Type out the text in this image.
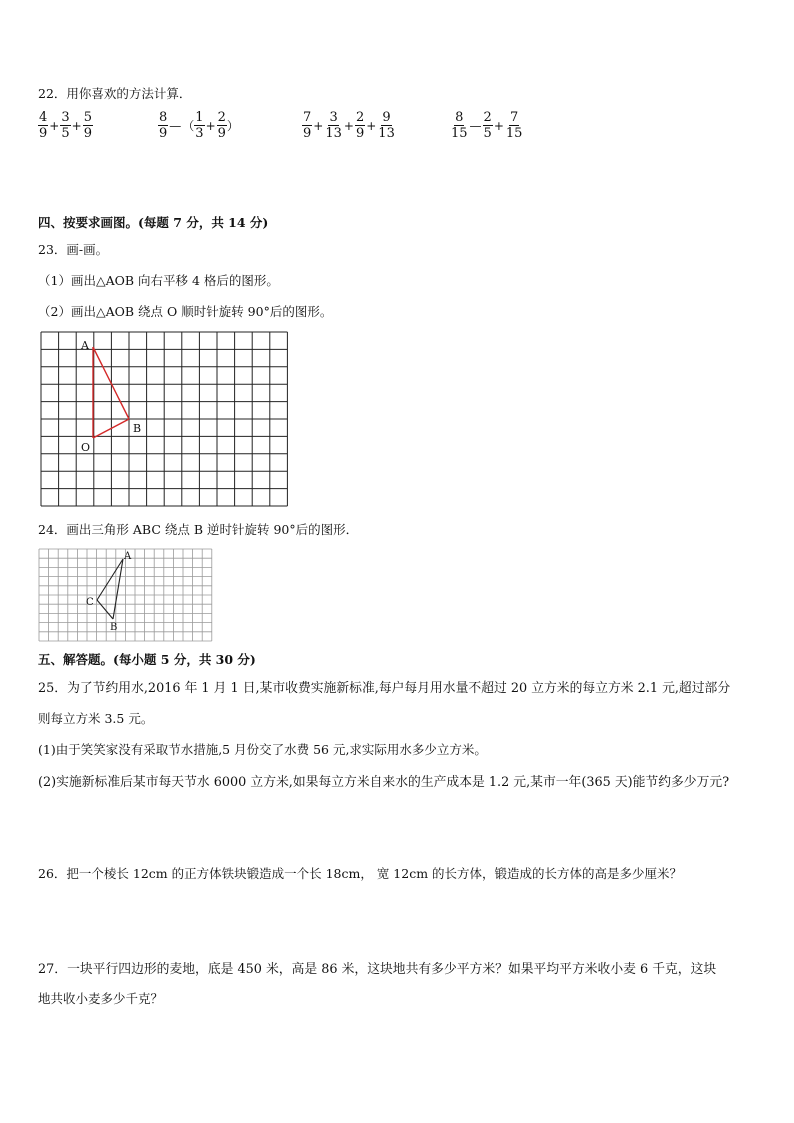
22．用你喜欢的方法计算．
$\frac{4}{9} + \frac{3}{5} + \frac{5}{9}$	$\frac{8}{9}$ — （ $\frac{1}{3} + \frac{2}{9}$ ）	$\frac{7}{9} + \frac{3}{13} + \frac{2}{9} + \frac{9}{13}$	$\frac{8}{15}$ — $\frac{2}{5} + \frac{7}{15}$
四、按要求画图。(每题 7 分，共 14 分)
23．画-画。
（1）画出△AOB 向右平移 4 格后的图形。
（2）画出△AOB 绕点 O 顺时针旋转 90°后的图形。
A
B
O
24．画出三角形 ABC 绕点 B 逆时针旋转 90°后的图形．
A
C
B
五、解答题。(每小题 5 分，共 30 分)
25．为了节约用水,2016 年 1 月 1 日,某市收费实施新标准,每户每月用水量不超过 20 立方米的每立方米 2.1 元,超过部分
则每立方米 3.5 元。
(1)由于笑笑家没有采取节水措施,5 月份交了水费 56 元,求实际用水多少立方米。
(2)实施新标准后某市每天节水 6000 立方米,如果每立方米自来水的生产成本是 1.2 元,某市一年(365 天)能节约多少万元?
26．把一个棱长 12cm 的正方体铁块锻造成一个长 18cm， 宽 12cm 的长方体，锻造成的长方体的高是多少厘米？
27．一块平行四边形的麦地，底是 450 米，高是 86 米，这块地共有多少平方米？如果平均平方米收小麦 6 千克，这块
地共收小麦多少千克？
